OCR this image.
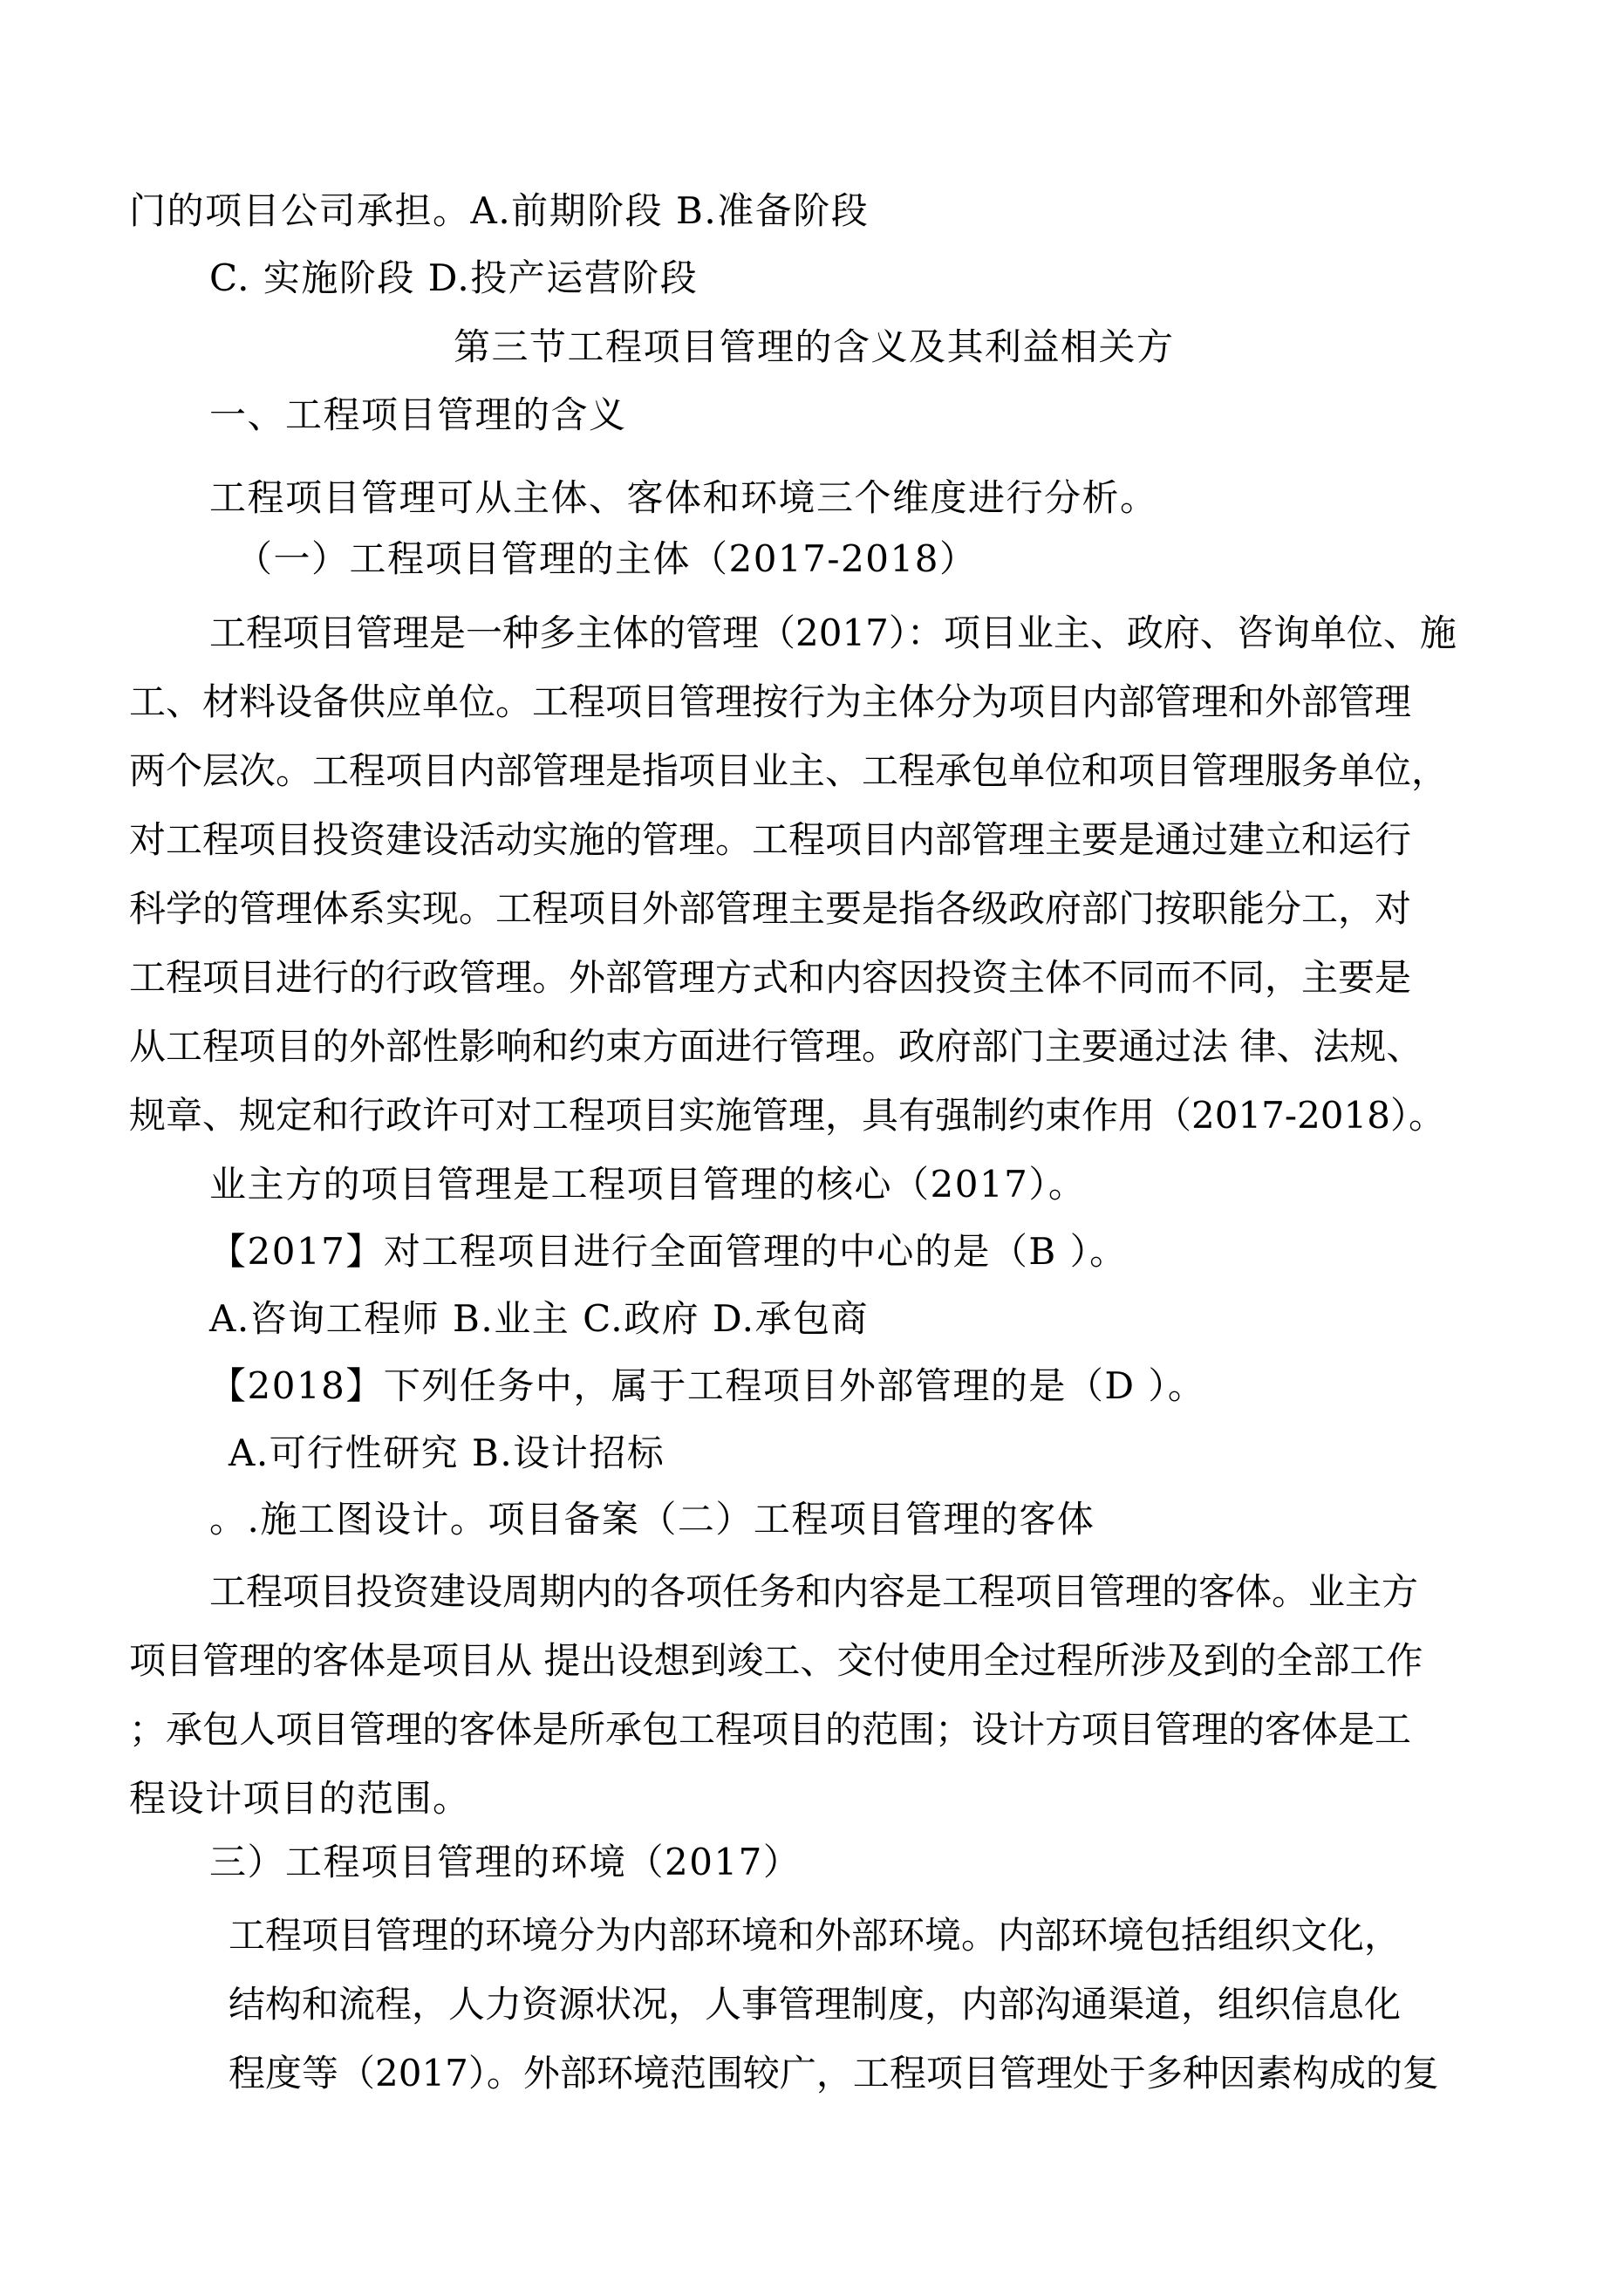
门的项目公司承担。A.前期阶段 B.准备阶段
C. 实施阶段 D.投产运营阶段
第三节工程项目管理的含义及其利益相关方
一、工程项目管理的含义
工程项目管理可从主体、客体和环境三个维度进行分析。
（一）工程项目管理的主体（2017-2018）
工程项目管理是一种多主体的管理（2017）：项目业主、政府、咨询单位、施
工、材料设备供应单位。工程项目管理按行为主体分为项目内部管理和外部管理
两个层次。工程项目内部管理是指项目业主、工程承包单位和项目管理服务单位，
对工程项目投资建设活动实施的管理。工程项目内部管理主要是通过建立和运行
科学的管理体系实现。工程项目外部管理主要是指各级政府部门按职能分工，对
工程项目进行的行政管理。外部管理方式和内容因投资主体不同而不同，主要是
从工程项目的外部性影响和约束方面进行管理。政府部门主要通过法 律、法规、
规章、规定和行政许可对工程项目实施管理，具有强制约束作用（2017-2018）。
业主方的项目管理是工程项目管理的核心（2017）。
【2017】对工程项目进行全面管理的中心的是（B ）。
A.咨询工程师 B.业主 C.政府 D.承包商
【2018】下列任务中，属于工程项目外部管理的是（D ）。
A.可行性研究 B.设计招标
。.施工图设计。项目备案（二）工程项目管理的客体
工程项目投资建设周期内的各项任务和内容是工程项目管理的客体。业主方
项目管理的客体是项目从 提出设想到竣工、交付使用全过程所涉及到的全部工作
；承包人项目管理的客体是所承包工程项目的范围；设计方项目管理的客体是工
程设计项目的范围。
三）工程项目管理的环境（2017）
工程项目管理的环境分为内部环境和外部环境。内部环境包括组织文化，
结构和流程，人力资源状况，人事管理制度，内部沟通渠道，组织信息化
程度等（2017）。外部环境范围较广，工程项目管理处于多种因素构成的复
